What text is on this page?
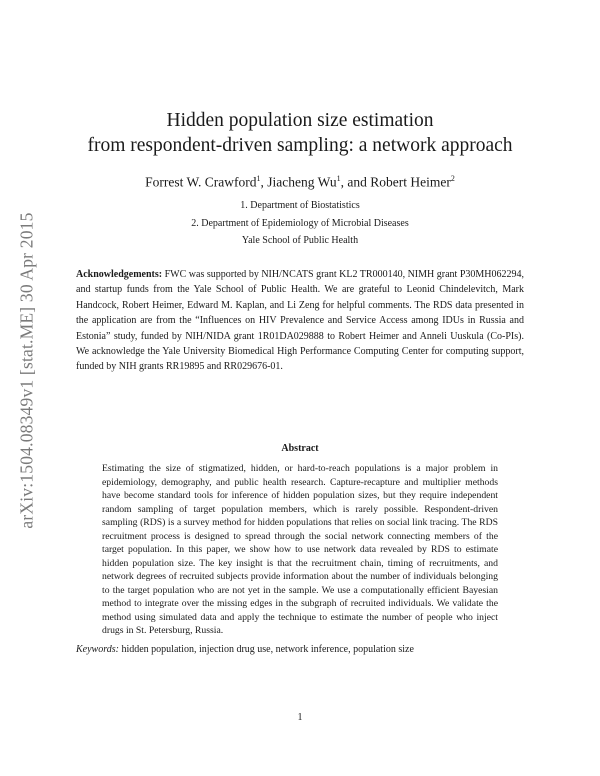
arXiv:1504.08349v1 [stat.ME] 30 Apr 2015
Hidden population size estimation
from respondent-driven sampling: a network approach
Forrest W. Crawford$^1$, Jiacheng Wu$^1$, and Robert Heimer$^2$
1. Department of Biostatistics
2. Department of Epidemiology of Microbial Diseases
Yale School of Public Health
Acknowledgements: FWC was supported by NIH/NCATS grant KL2 TR000140, NIMH grant P30MH062294, and startup funds from the Yale School of Public Health. We are grateful to Leonid Chindelevitch, Mark Handcock, Robert Heimer, Edward M. Kaplan, and Li Zeng for helpful comments. The RDS data presented in the application are from the “Influences on HIV Prevalence and Service Access among IDUs in Russia and Estonia” study, funded by NIH/NIDA grant 1R01DA029888 to Robert Heimer and Anneli Uuskula (Co-PIs). We acknowledge the Yale University Biomedical High Performance Computing Center for computing support, funded by NIH grants RR19895 and RR029676-01.
Abstract
Estimating the size of stigmatized, hidden, or hard-to-reach populations is a major problem in epidemiology, demography, and public health research. Capture-recapture and multiplier methods have become standard tools for inference of hidden population sizes, but they require independent random sampling of target population members, which is rarely possible. Respondent-driven sampling (RDS) is a survey method for hidden populations that relies on social link tracing. The RDS recruitment process is designed to spread through the social network connecting members of the target population. In this paper, we show how to use network data revealed by RDS to estimate hidden population size. The key insight is that the recruitment chain, timing of recruitments, and network degrees of recruited subjects provide information about the number of individuals belonging to the target population who are not yet in the sample. We use a computationally efficient Bayesian method to integrate over the missing edges in the subgraph of recruited individuals. We validate the method using simulated data and apply the technique to estimate the number of people who inject drugs in St. Petersburg, Russia.
Keywords: hidden population, injection drug use, network inference, population size
1
